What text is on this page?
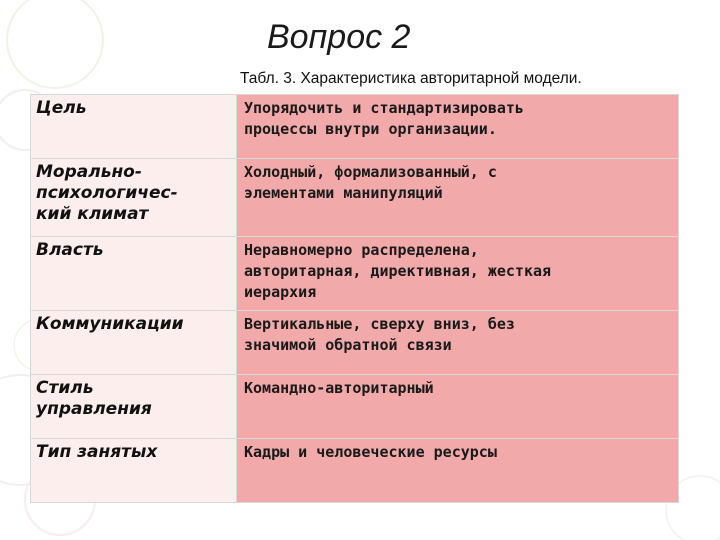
Вопрос 2
Табл. 3. Характеристика авторитарной модели.
Цель	Упорядочить и стандартизировать
процессы внутри организации.

Морально-
психологичес-
кий климат	Холодный, формализованный, с
элементами манипуляций

Власть	Неравномерно распределена,
авторитарная, директивная, жесткая
иерархия

Коммуникации	Вертикальные, сверху вниз, без
значимой обратной связи

Стиль
управления	Командно-авторитарный

Тип занятых	Кадры и человеческие ресурсы
